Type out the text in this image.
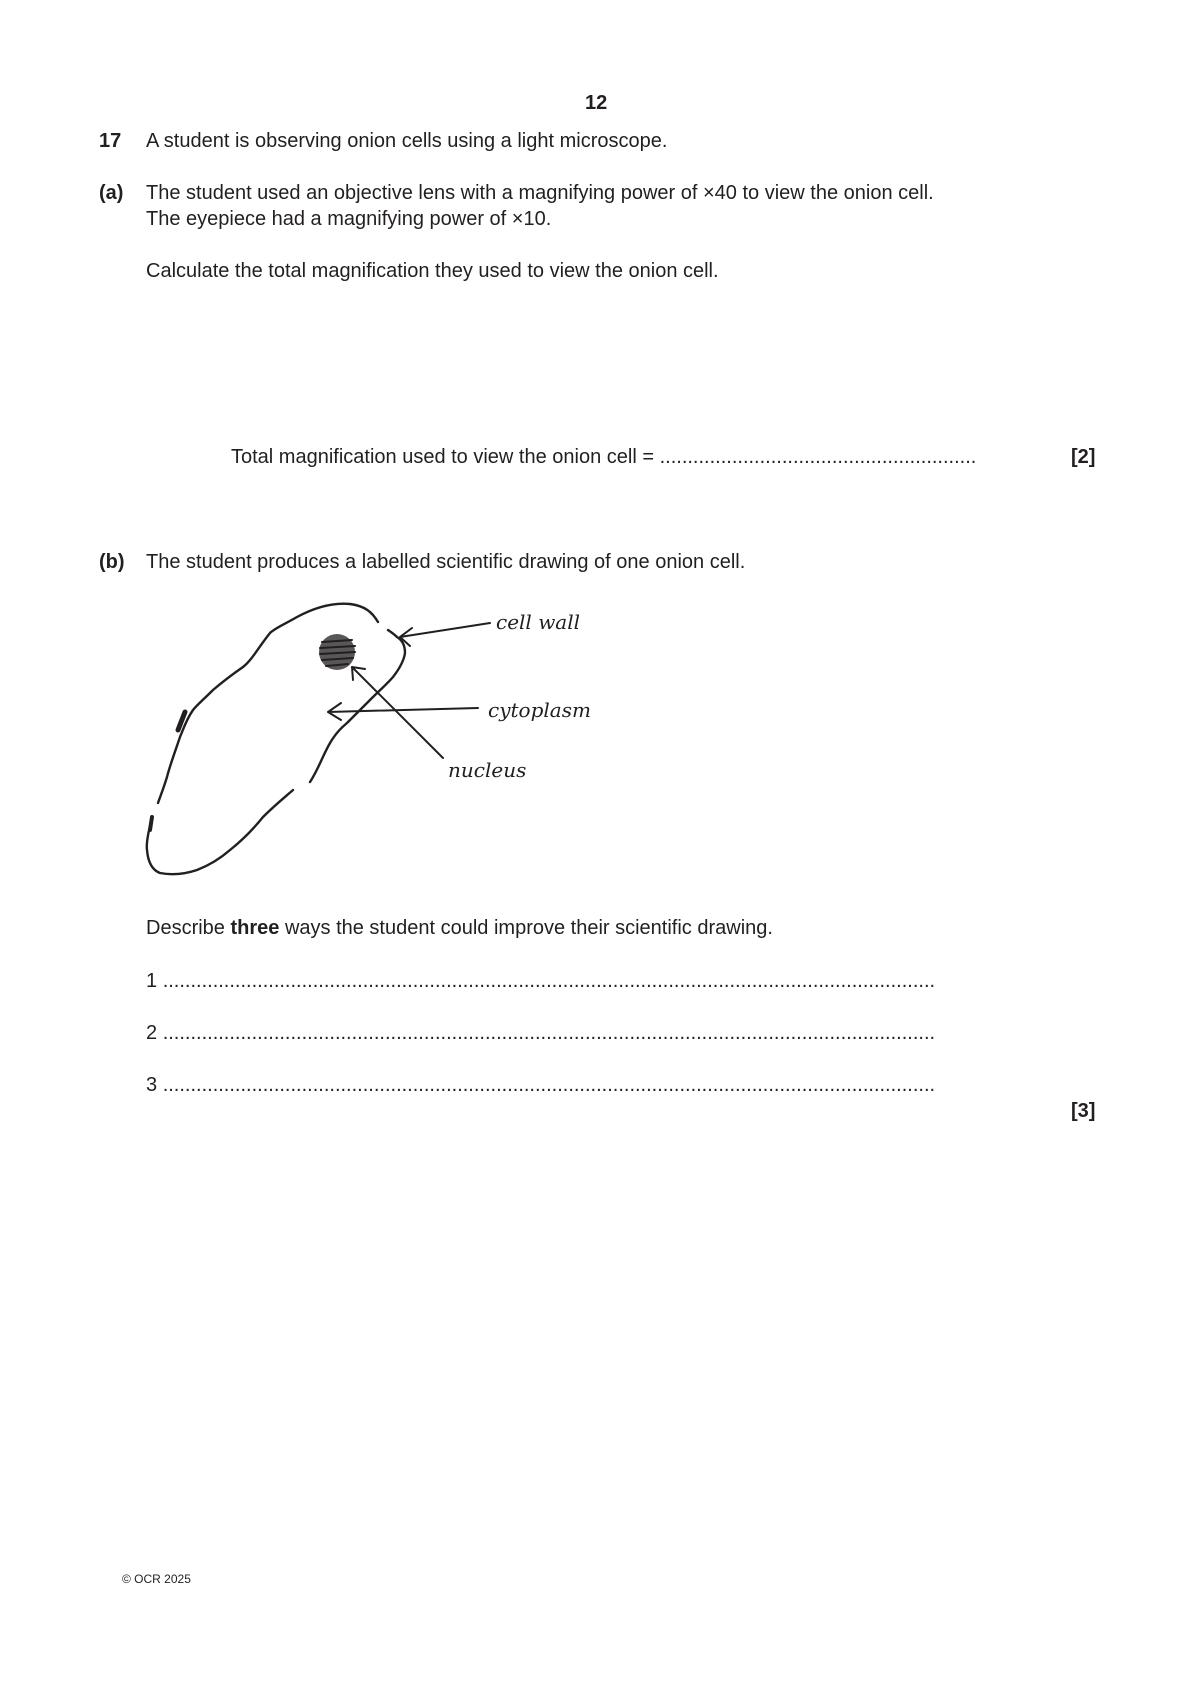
12
17 A student is observing onion cells using a light microscope.
(a) The student used an objective lens with a magnifying power of ×40 to view the onion cell.
The eyepiece had a magnifying power of ×10.
Calculate the total magnification they used to view the onion cell.
Total magnification used to view the onion cell = .........................................................	[2]
(b) The student produces a labelled scientific drawing of one onion cell.
cell wall
cytoplasm
nucleus
Describe three ways the student could improve their scientific drawing.
1 ...........................................................................................................................................
2 ...........................................................................................................................................
3 ...........................................................................................................................................
[3]
© OCR 2025
